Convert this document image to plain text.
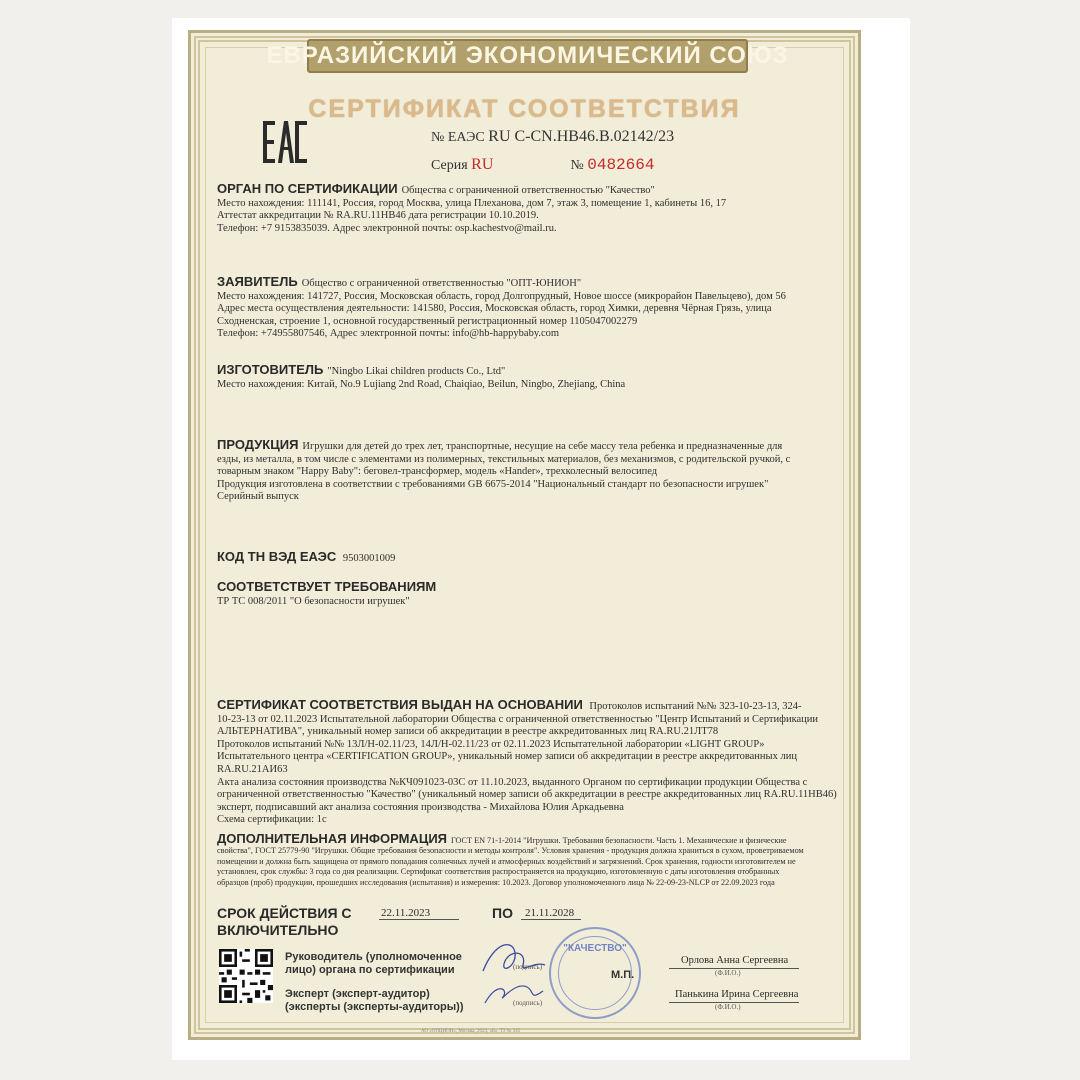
ЕВРАЗИЙСКИЙ ЭКОНОМИЧЕСКИЙ СОЮЗ
СЕРТИФИКАТ СООТВЕТСТВИЯ
№ ЕАЭС RU C-CN.HB46.B.02142/23
Серия RU	№ 0482664
ОРГАН ПО СЕРТИФИКАЦИИ Общества с ограниченной ответственностью "Качество"
Место нахождения: 111141, Россия, город Москва, улица Плеханова, дом 7, этаж 3, помещение 1, кабинеты 16, 17
Аттестат аккредитации № RA.RU.11HB46 дата регистрации 10.10.2019.
Телефон: +7 9153835039. Адрес электронной почты: osp.kachestvo@mail.ru.
ЗАЯВИТЕЛЬ Общество с ограниченной ответственностью "ОПТ-ЮНИОН"
Место нахождения: 141727, Россия, Московская область, город Долгопрудный, Новое шоссе (микрорайон Павельцево), дом 56
Адрес места осуществления деятельности: 141580, Россия, Московская область, город Химки, деревня Чёрная Грязь, улица
Сходненская, строение 1, основной государственный регистрационный номер 1105047002279
Телефон: +74955807546, Адрес электронной почты: info@hb-happybaby.com
ИЗГОТОВИТЕЛЬ "Ningbo Likai children products Co., Ltd"
Место нахождения: Китай, No.9 Lujiang 2nd Road, Chaiqiao, Beilun, Ningbo, Zhejiang, China
ПРОДУКЦИЯ Игрушки для детей до трех лет, транспортные, несущие на себе массу тела ребенка и предназначенные для
езды, из металла, в том числе с элементами из полимерных, текстильных материалов, без механизмов, с родительской ручкой, с
товарным знаком "Happy Baby": беговел-трансформер, модель «Hander», трехколесный велосипед
Продукция изготовлена в соответствии с требованиями GB 6675-2014 "Национальный стандарт по безопасности игрушек"
Серийный выпуск
КОД ТН ВЭД ЕАЭС 9503001009
СООТВЕТСТВУЕТ ТРЕБОВАНИЯМ
ТР ТС 008/2011 "О безопасности игрушек"
СЕРТИФИКАТ СООТВЕТСТВИЯ ВЫДАН НА ОСНОВАНИИ Протоколов испытаний №№ 323-10-23-13, 324-
10-23-13 от 02.11.2023 Испытательной лаборатории Общества с ограниченной ответственностью "Центр Испытаний и Сертификации
АЛЬТЕРНАТИВА", уникальный номер записи об аккредитации в реестре аккредитованных лиц RA.RU.21ЛТ78
Протоколов испытаний №№ 13Л/Н-02.11/23, 14Л/Н-02.11/23 от 02.11.2023 Испытательной лаборатории «LIGHT GROUP»
Испытательного центра «CERTIFICATION GROUP», уникальный номер записи об аккредитации в реестре аккредитованных лиц
RA.RU.21АИ63
Акта анализа состояния производства №КЧ091023-03С от 11.10.2023, выданного Органом по сертификации продукции Общества с
ограниченной ответственностью "Качество" (уникальный номер записи об аккредитации в реестре аккредитованных лиц RA.RU.11HB46)
эксперт, подписавший акт анализа состояния производства - Михайлова Юлия Аркадьевна
Схема сертификации: 1с
ДОПОЛНИТЕЛЬНАЯ ИНФОРМАЦИЯ ГОСТ EN 71-1-2014 "Игрушки. Требования безопасности. Часть 1. Механические и физические
свойства", ГОСТ 25779-90 "Игрушки. Общие требования безопасности и методы контроля". Условия хранения - продукция должна храниться в сухом, проветриваемом
помещении и должна быть защищена от прямого попадания солнечных лучей и атмосферных воздействий и загрязнений. Срок хранения, годности изготовителем не
установлен, срок службы: 3 года со дня реализации. Сертификат соответствия распространяется на продукцию, изготовленную с даты изготовления отобранных
образцов (проб) продукции, прошедших исследования (испытания) и измерения: 10.2023. Договор уполномоченного лица № 22-09-23-NLCP от 22.09.2023 года
СРОК ДЕЙСТВИЯ С	22.11.2023	ПО 21.11.2028
ВКЛЮЧИТЕЛЬНО
Руководитель (уполномоченное
лицо) органа по сертификации
Эксперт (эксперт-аудитор)
(эксперты (эксперты-аудиторы))
(подпись)
(подпись)
"КАЧЕСТВО"
М.П.
Орлова Анна Сергеевна
(Ф.И.О.)
Панькина Ирина Сергеевна
(Ф.И.О.)
АО «ОПЦИОН», Москва, 2023, «Б», Т3 № 345
